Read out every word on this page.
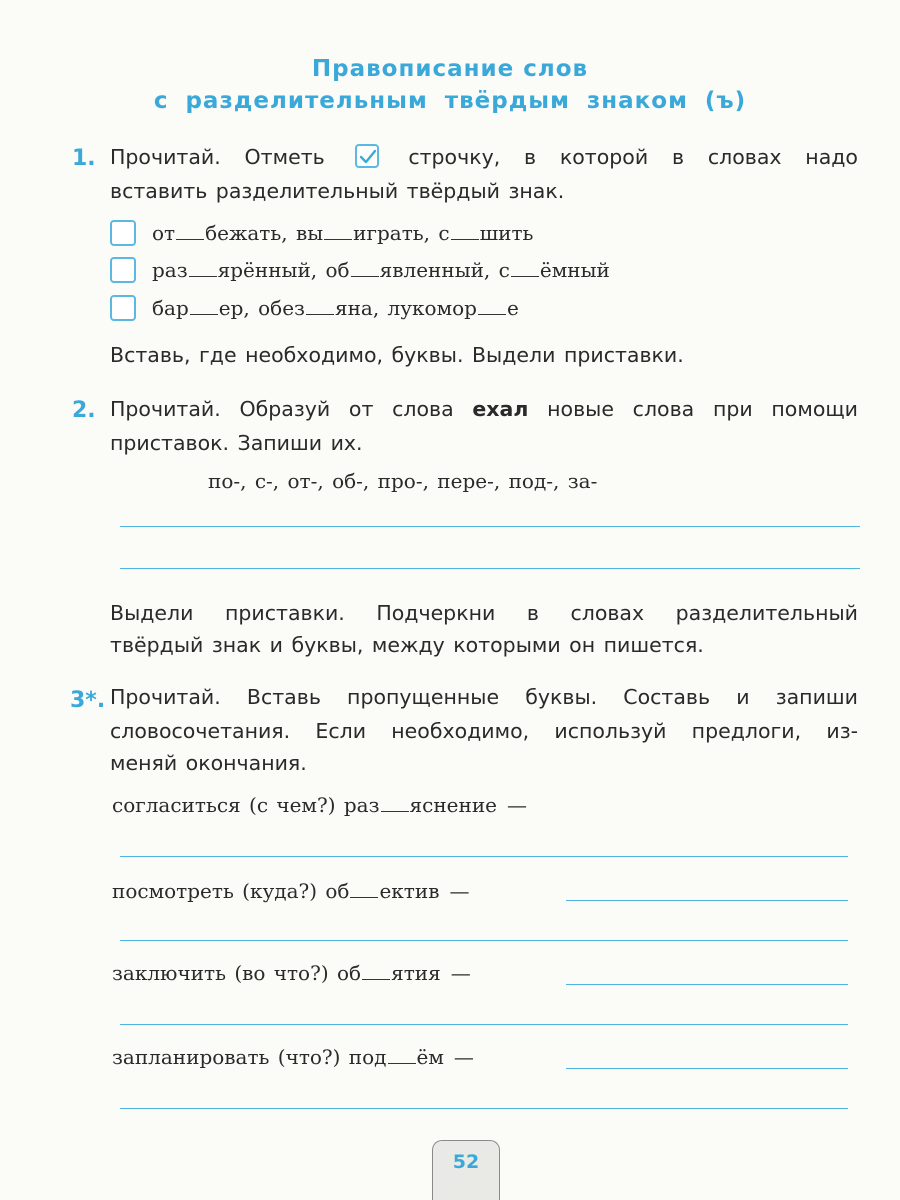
Правописание слов
с разделительным твёрдым знаком (ъ)
1. Прочитай. Отметь	строчку, в которой в словах надо
вставить разделительный твёрдый знак.
от бежать, вы играть, с шить
раз ярённый, об явленный, с ёмный
бар ер, обез яна, лукомор е
Вставь, где необходимо, буквы. Выдели приставки.
2. Прочитай. Образуй от слова ехал новые слова при помощи
приставок. Запиши их.
по-, с-, от-, об-, про-, пере-, под-, за-
Выдели приставки. Подчеркни в словах разделительный
твёрдый знак и буквы, между которыми он пишется.
3*. Прочитай. Вставь пропущенные буквы. Составь и запиши
словосочетания. Если необходимо, используй предлоги, из-
меняй окончания.
согласиться (с чем?) раз яснение —
посмотреть (куда?) об ектив —
заключить (во что?) об ятия —
запланировать (что?) под ём —
52
